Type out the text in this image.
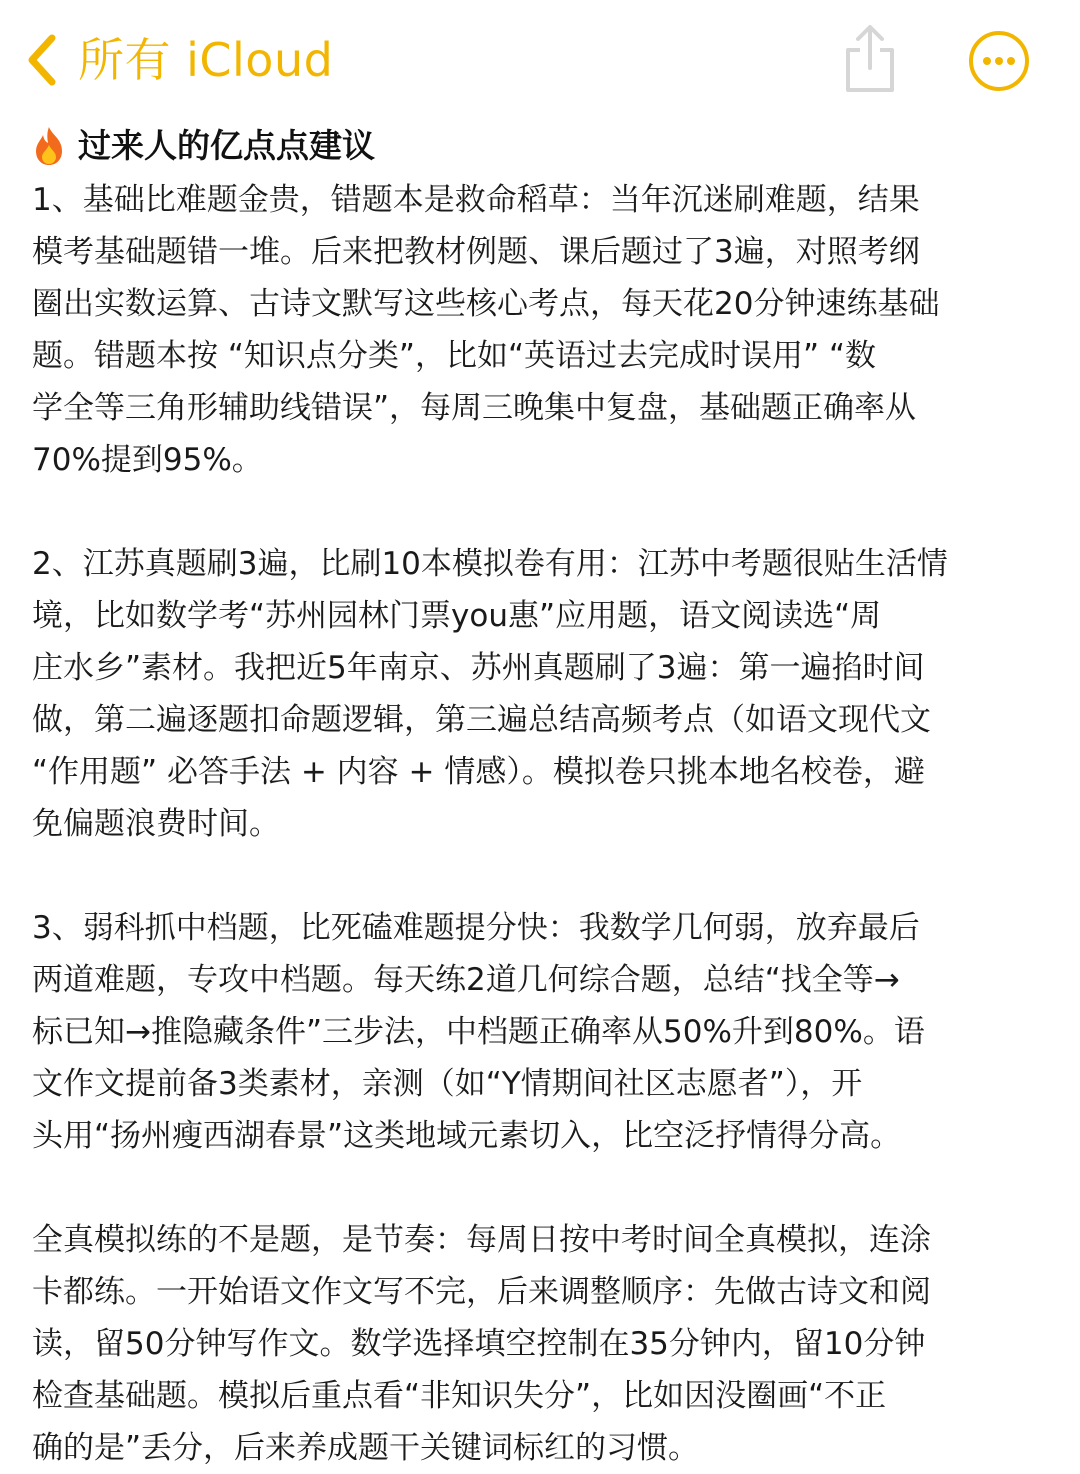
所有 iCloud
过来人的亿点点建议

1、基础比难题金贵，错题本是救命稻草：当年沉迷刷难题，结果
模考基础题错一堆。后来把教材例题、课后题过了3遍，对照考纲
圈出实数运算、古诗文默写这些核心考点，每天花20分钟速练基础
题。错题本按 “知识点分类”，比如“英语过去完成时误用” “数
学全等三角形辅助线错误”，每周三晚集中复盘，基础题正确率从
70%提到95%。

2、江苏真题刷3遍，比刷10本模拟卷有用：江苏中考题很贴生活情
境，比如数学考“苏州园林门票you惠”应用题，语文阅读选“周
庄水乡”素材。我把近5年南京、苏州真题刷了3遍：第一遍掐时间
做，第二遍逐题扣命题逻辑，第三遍总结高频考点（如语文现代文
“作用题” 必答手法 + 内容 + 情感）。模拟卷只挑本地名校卷，避
免偏题浪费时间。

3、弱科抓中档题，比死磕难题提分快：我数学几何弱，放弃最后
两道难题，专攻中档题。每天练2道几何综合题，总结“找全等→
标已知→推隐藏条件”三步法，中档题正确率从50%升到80%。语
文作文提前备3类素材，亲测（如“Y情期间社区志愿者”），开
头用“扬州瘦西湖春景”这类地域元素切入，比空泛抒情得分高。

全真模拟练的不是题，是节奏：每周日按中考时间全真模拟，连涂
卡都练。一开始语文作文写不完，后来调整顺序：先做古诗文和阅
读，留50分钟写作文。数学选择填空控制在35分钟内，留10分钟
检查基础题。模拟后重点看“非知识失分”，比如因没圈画“不正
确的是”丢分，后来养成题干关键词标红的习惯。
